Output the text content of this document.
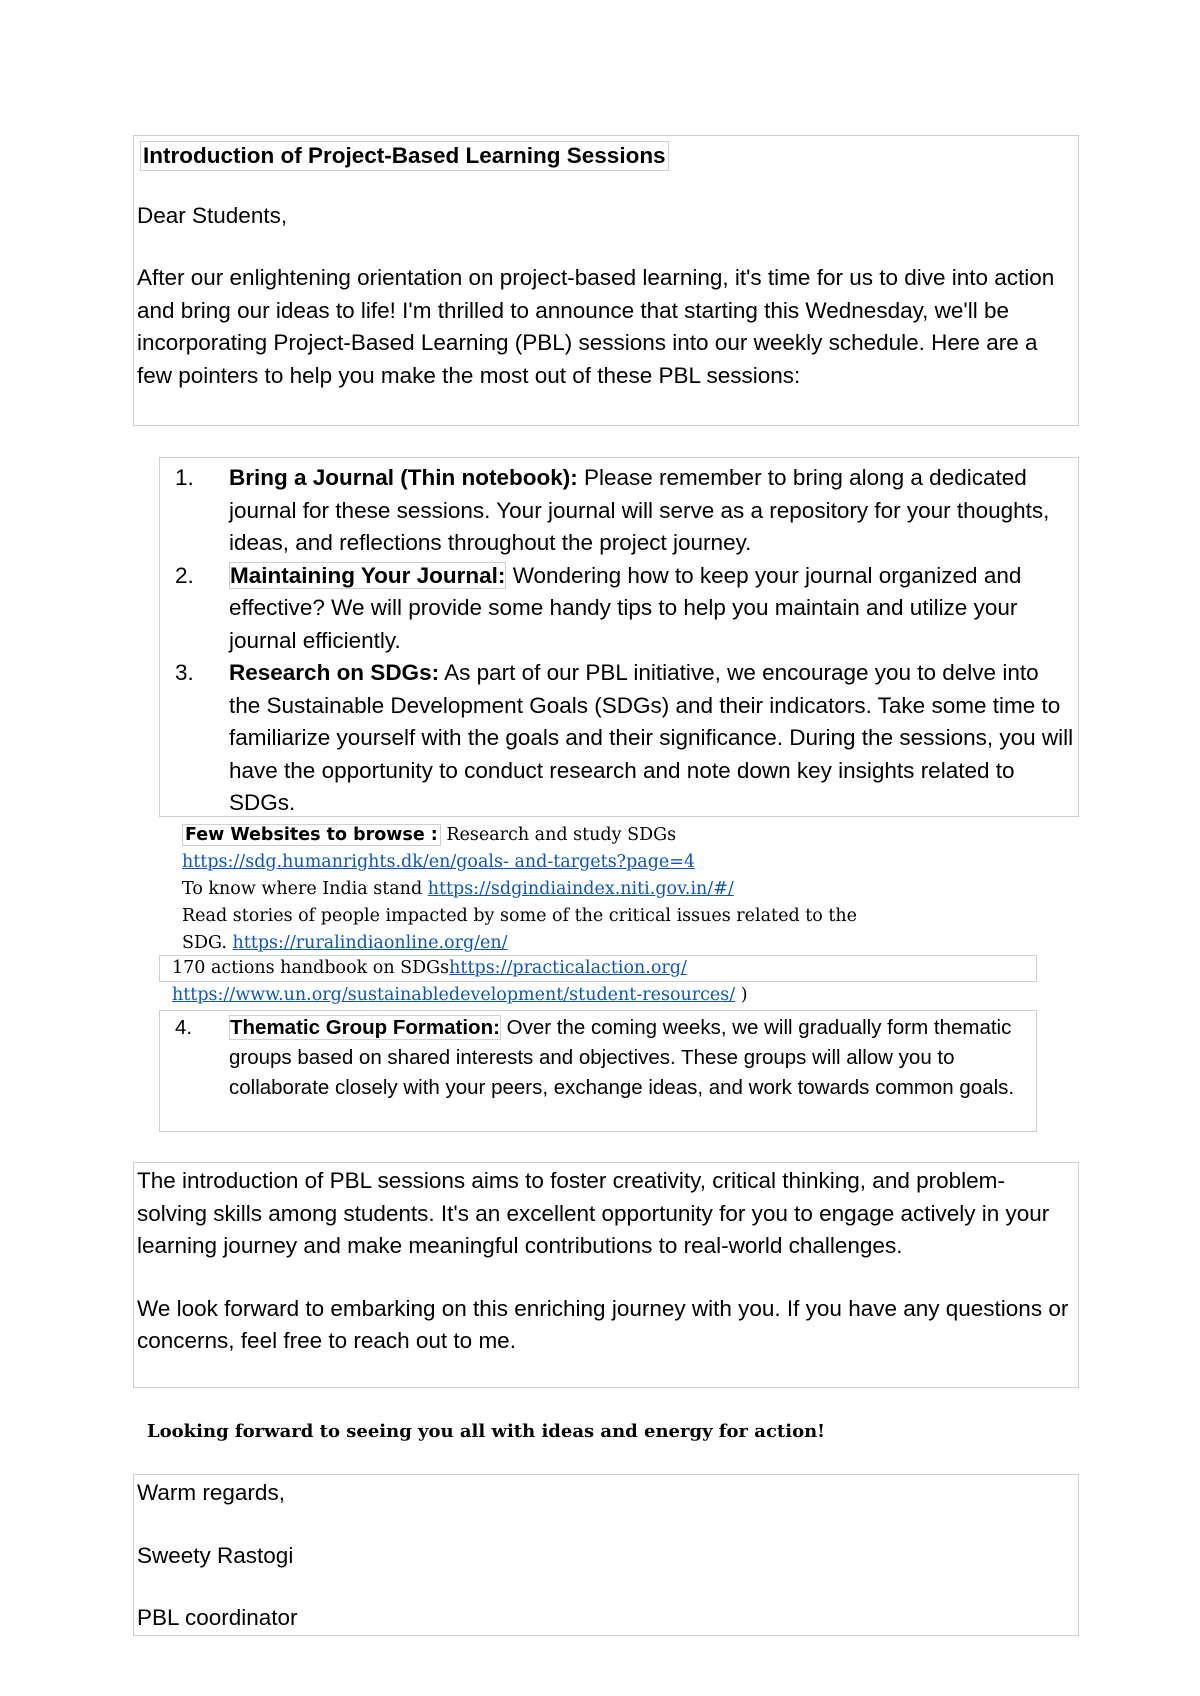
Introduction of Project-Based Learning Sessions

Dear Students,

After our enlightening orientation on project-based learning, it's time for us to dive into action and bring our ideas to life! I'm thrilled to announce that starting this Wednesday, we'll be incorporating Project-Based Learning (PBL) sessions into our weekly schedule. Here are a few pointers to help you make the most out of these PBL sessions:

1. Bring a Journal (Thin notebook): Please remember to bring along a dedicated journal for these sessions. Your journal will serve as a repository for your thoughts, ideas, and reflections throughout the project journey.
2. Maintaining Your Journal: Wondering how to keep your journal organized and effective? We will provide some handy tips to help you maintain and utilize your journal efficiently.
3. Research on SDGs: As part of our PBL initiative, we encourage you to delve into the Sustainable Development Goals (SDGs) and their indicators. Take some time to familiarize yourself with the goals and their significance. During the sessions, you will have the opportunity to conduct research and note down key insights related to SDGs.
Few Websites to browse : Research and study SDGs
https://sdg.humanrights.dk/en/goals- and-targets?page=4
To know where India stand https://sdgindiaindex.niti.gov.in/#/
Read stories of people impacted by some of the critical issues related to the
SDG. https://ruralindiaonline.org/en/
170 actions handbook on SDGshttps://practicalaction.org/
https://www.un.org/sustainabledevelopment/student-resources/ )
4. Thematic Group Formation: Over the coming weeks, we will gradually form thematic groups based on shared interests and objectives. These groups will allow you to collaborate closely with your peers, exchange ideas, and work towards common goals.

The introduction of PBL sessions aims to foster creativity, critical thinking, and problem-solving skills among students. It's an excellent opportunity for you to engage actively in your learning journey and make meaningful contributions to real-world challenges.

We look forward to embarking on this enriching journey with you. If you have any questions or concerns, feel free to reach out to me.

Looking forward to seeing you all with ideas and energy for action!

Warm regards,

Sweety Rastogi

PBL coordinator
